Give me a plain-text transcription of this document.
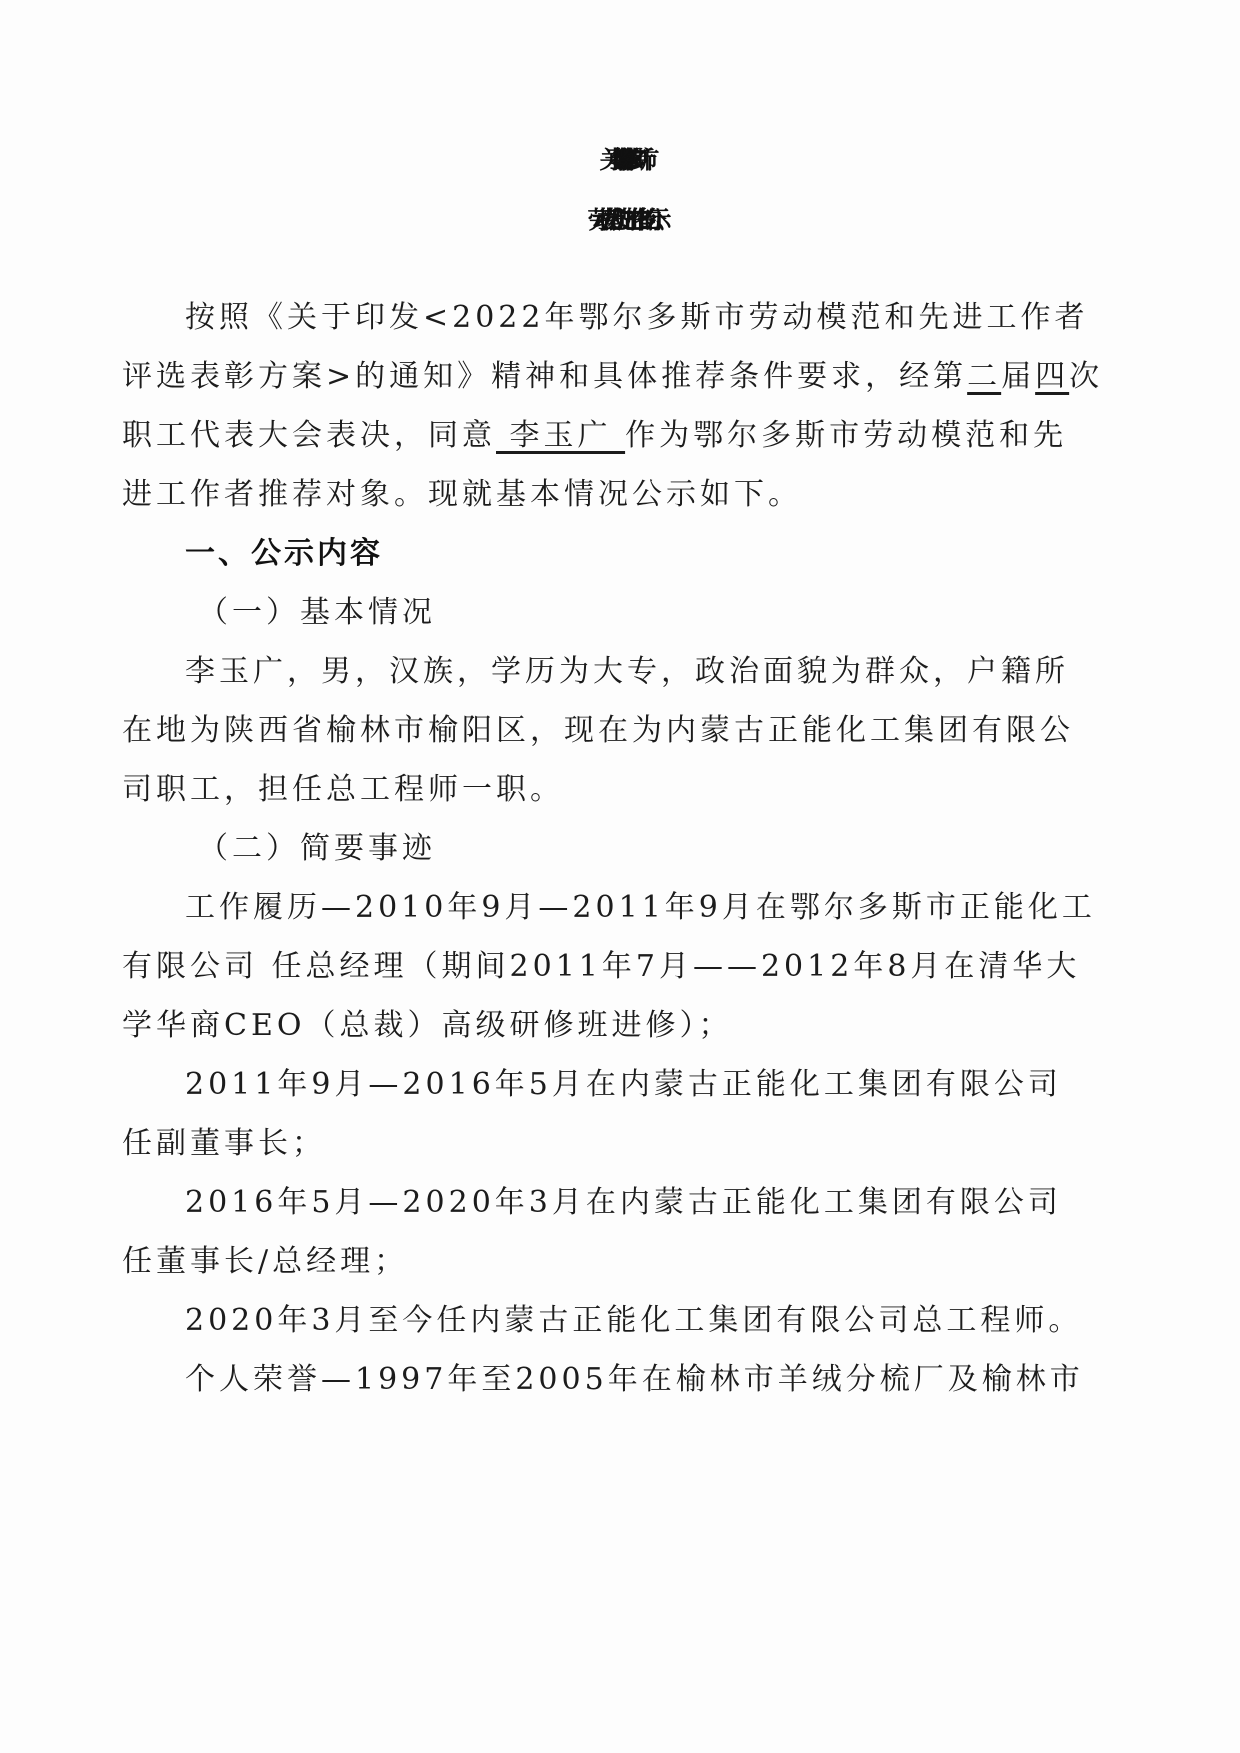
关于推荐2022年鄂尔多斯市
劳动模范和先进工作者的公示
按照《关于印发<2022年鄂尔多斯市劳动模范和先进工作者
评选表彰方案>的通知》精神和具体推荐条件要求，经第二届四次
职工代表大会表决，同意 李玉广 作为鄂尔多斯市劳动模范和先
进工作者推荐对象。现就基本情况公示如下。
一、公示内容
（一）基本情况
李玉广，男，汉族，学历为大专，政治面貌为群众，户籍所
在地为陕西省榆林市榆阳区，现在为内蒙古正能化工集团有限公
司职工，担任总工程师一职。
（二）简要事迹
工作履历—2010年9月—2011年9月在鄂尔多斯市正能化工
有限公司 任总经理（期间2011年7月——2012年8月在清华大
学华商CEO（总裁）高级研修班进修）；
2011年9月—2016年5月在内蒙古正能化工集团有限公司
任副董事长；
2016年5月—2020年3月在内蒙古正能化工集团有限公司
任董事长/总经理；
2020年3月至今任内蒙古正能化工集团有限公司总工程师。
个人荣誉—1997年至2005年在榆林市羊绒分梳厂及榆林市
